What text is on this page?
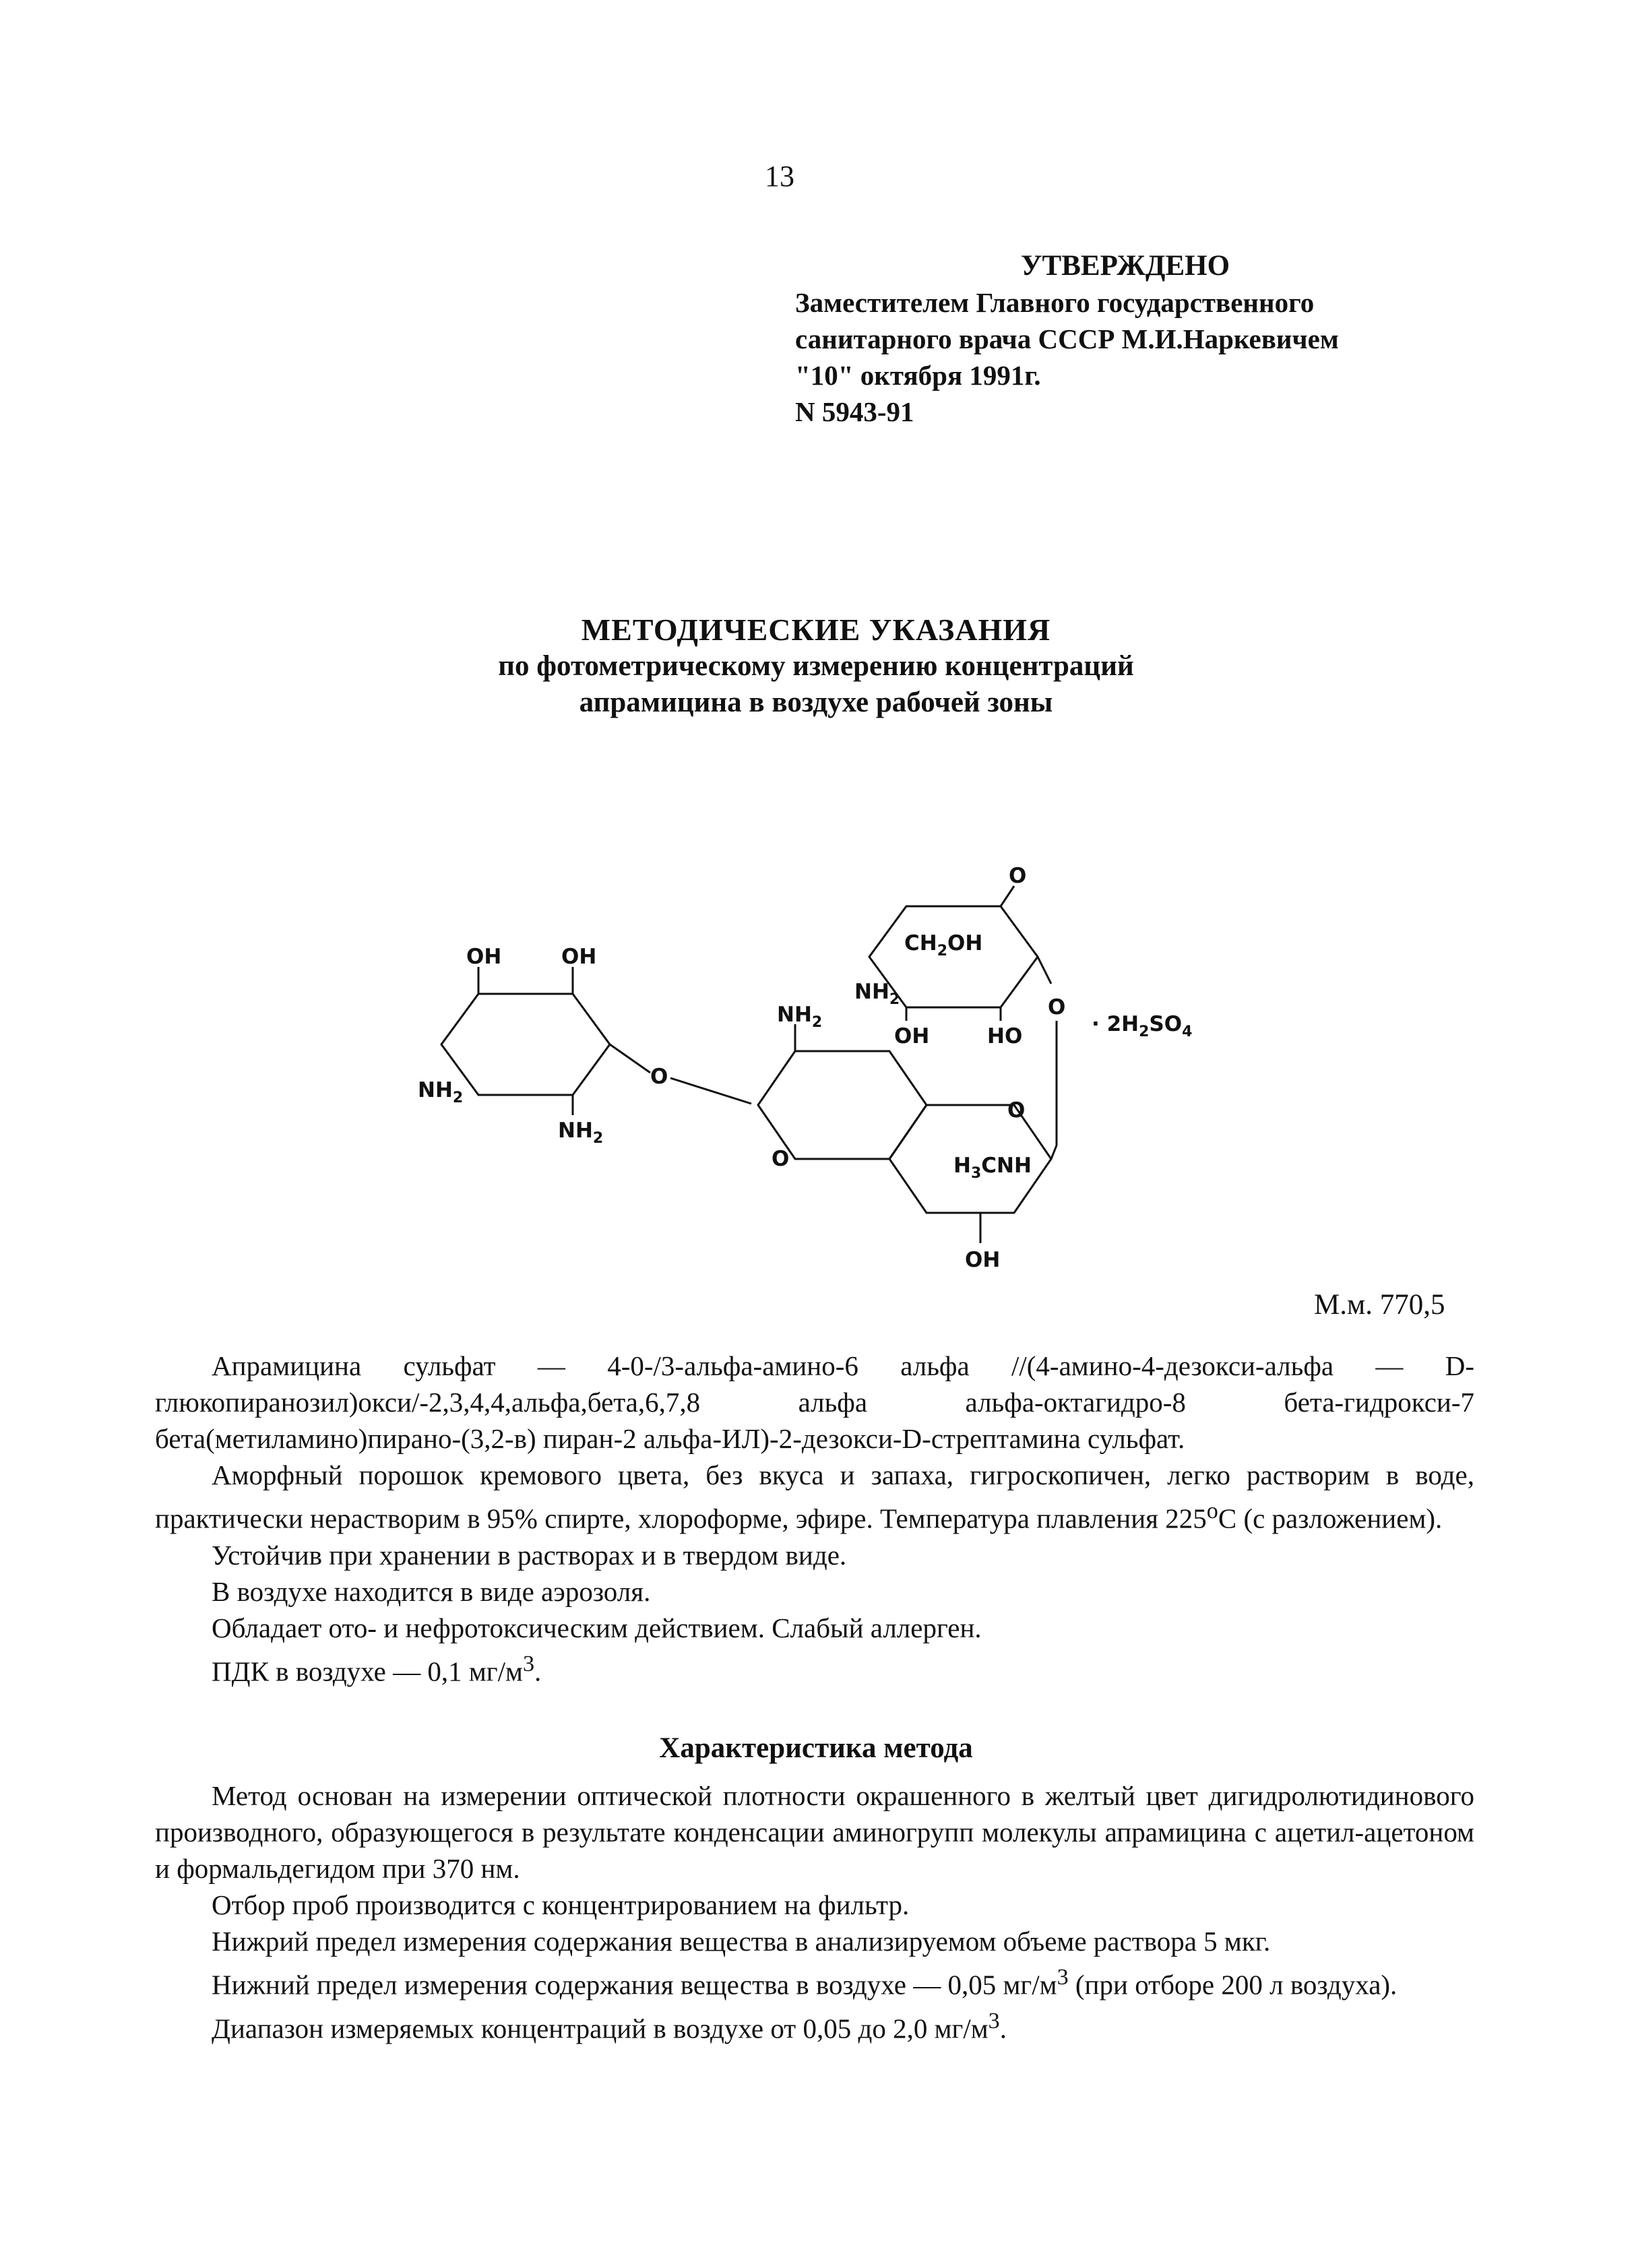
13
УТВЕРЖДЕНО
Заместителем Главного государственного
санитарного врача СССР М.И.Наркевичем
"10" октября 1991г.
N 5943-91
МЕТОДИЧЕСКИЕ УКАЗАНИЯ
по фотометрическому измерению концентраций
апрамицина в воздухе рабочей зоны
OH	OH
$NH_2$
$NH_2$
O
$NH_2$
O
O
$H_3CNH$
OH
O
O
$CH_2OH$
$NH_2$
OH	HO	· $2H_2SO_4$
М.м. 770,5

Апрамицина сульфат — 4-0-/3-альфа-амино-6 альфа //(4-амино-4-дезокси-альфа — D-глюкопиранозил)окси/-2,3,4,4,альфа,бета,6,7,8 альфа альфа-октагидро-8 бета-гидрокси-7 бета(метиламино)пирано-(3,2-в) пиран-2 альфа-ИЛ)-2-дезокси-D-стрептамина сульфат.

Аморфный порошок кремового цвета, без вкуса и запаха, гигроскопичен, легко растворим в воде, практически нерастворим в 95% спирте, хлороформе, эфире. Температура плавления $225^оС$ (с разложением).

Устойчив при хранении в растворах и в твердом виде.

В воздухе находится в виде аэрозоля.

Обладает ото- и нефротоксическим действием. Слабый аллерген.

ПДК в воздухе — 0,1 $мг/м^3$.

Характеристика метода

Метод основан на измерении оптической плотности окрашенного в желтый цвет дигидролютидинового производного, образующегося в результате конденсации аминогрупп молекулы апрамицина с ацетил-ацетоном и формальдегидом при 370 нм.

Отбор проб производится с концентрированием на фильтр.

Нижрий предел измерения содержания вещества в анализируемом объеме раствора 5 мкг.

Нижний предел измерения содержания вещества в воздухе — 0,05 $мг/м^3$ (при отборе 200 л воздуха).

Диапазон измеряемых концентраций в воздухе от 0,05 до 2,0 $мг/м^3$.
